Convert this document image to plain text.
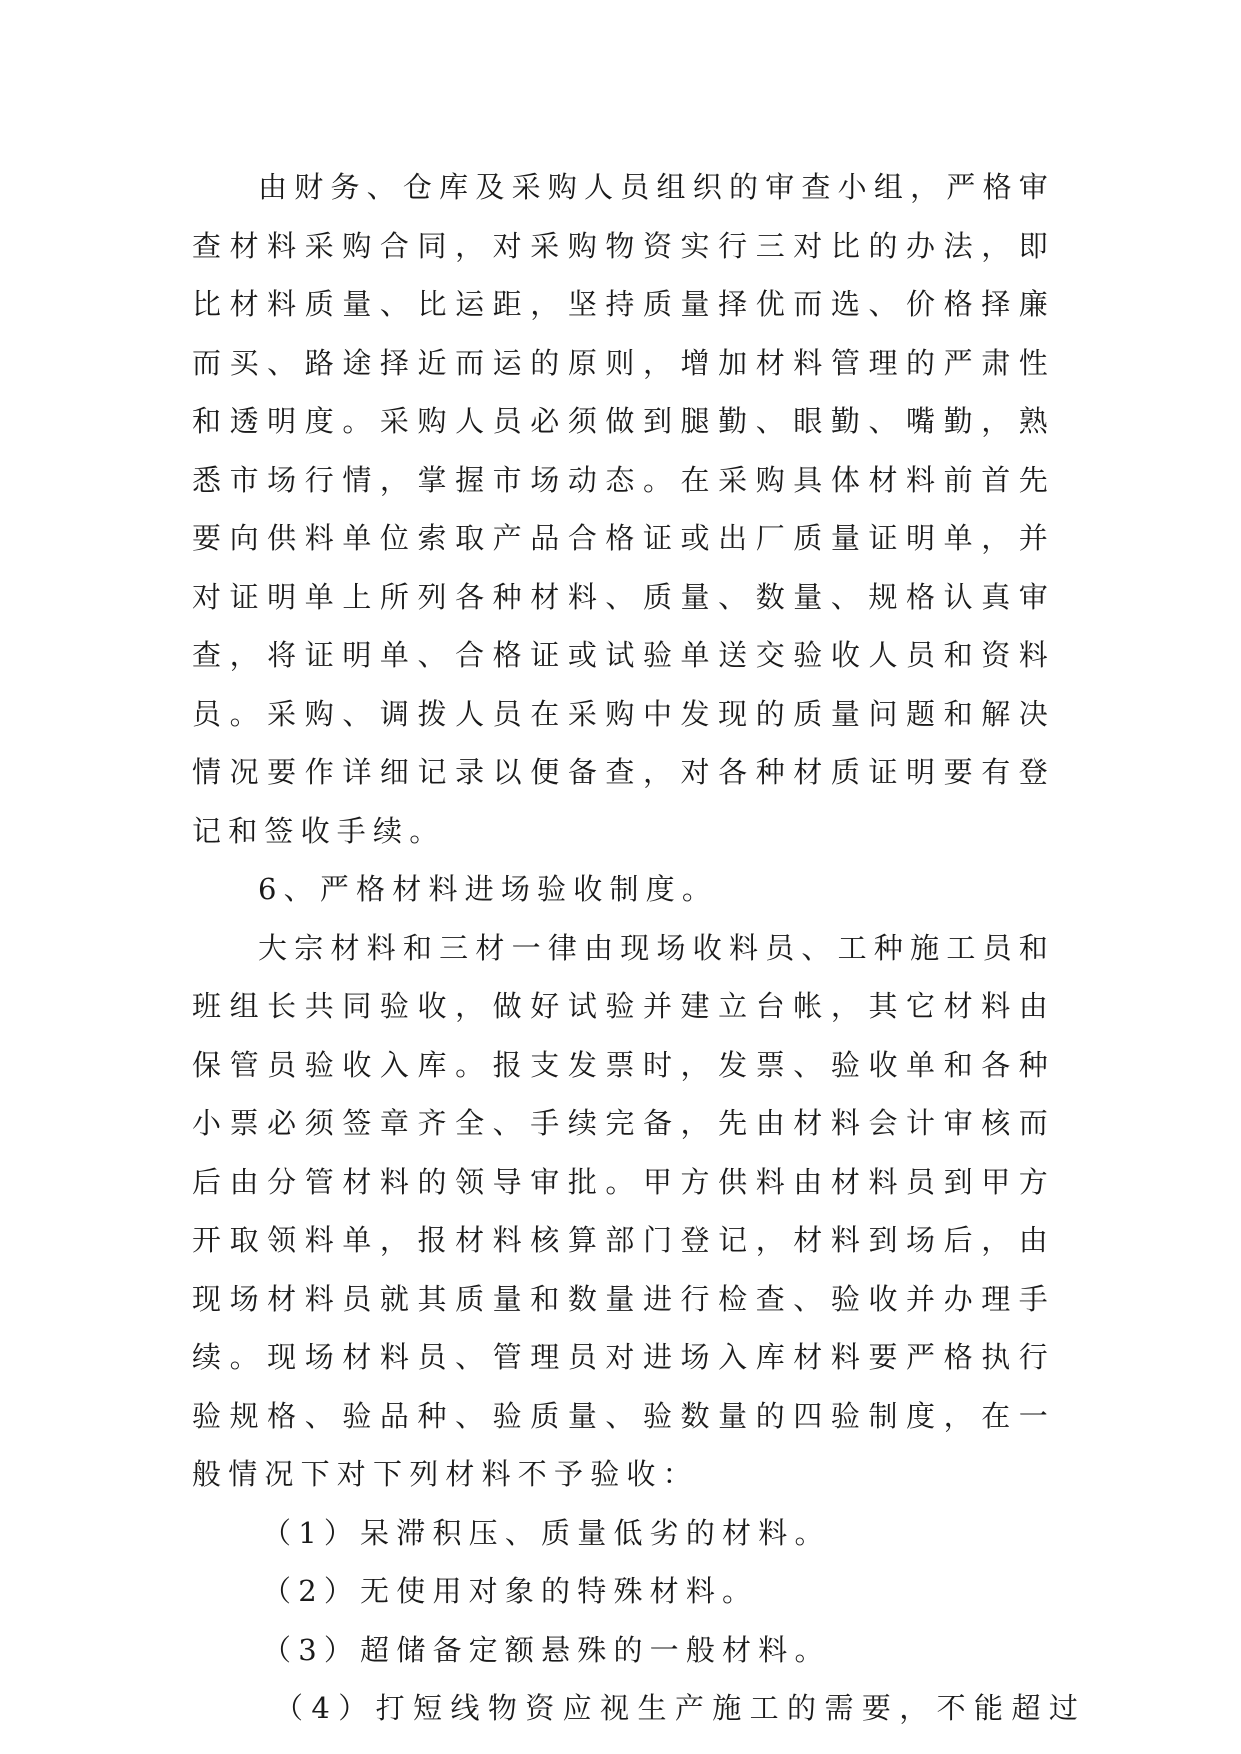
由财务、仓库及采购人员组织的审查小组，严格审查材料采购合同，对采购物资实行三对比的办法，即比材料质量、比运距，坚持质量择优而选、价格择廉而买、路途择近而运的原则，增加材料管理的严肃性和透明度。采购人员必须做到腿勤、眼勤、嘴勤，熟悉市场行情，掌握市场动态。在采购具体材料前首先要向供料单位索取产品合格证或出厂质量证明单，并对证明单上所列各种材料、质量、数量、规格认真审查，将证明单、合格证或试验单送交验收人员和资料员。采购、调拨人员在采购中发现的质量问题和解决情况要作详细记录以便备查，对各种材质证明要有登记和签收手续。

6、严格材料进场验收制度。

大宗材料和三材一律由现场收料员、工种施工员和班组长共同验收，做好试验并建立台帐，其它材料由保管员验收入库。报支发票时，发票、验收单和各种小票必须签章齐全、手续完备，先由材料会计审核而后由分管材料的领导审批。甲方供料由材料员到甲方开取领料单，报材料核算部门登记，材料到场后，由现场材料员就其质量和数量进行检查、验收并办理手续。现场材料员、管理员对进场入库材料要严格执行验规格、验品种、验质量、验数量的四验制度，在一般情况下对下列材料不予验收：

（1）呆滞积压、质量低劣的材料。

（2）无使用对象的特殊材料。

（3）超储备定额悬殊的一般材料。

（4）打短线物资应视生产施工的需要，不能超过
